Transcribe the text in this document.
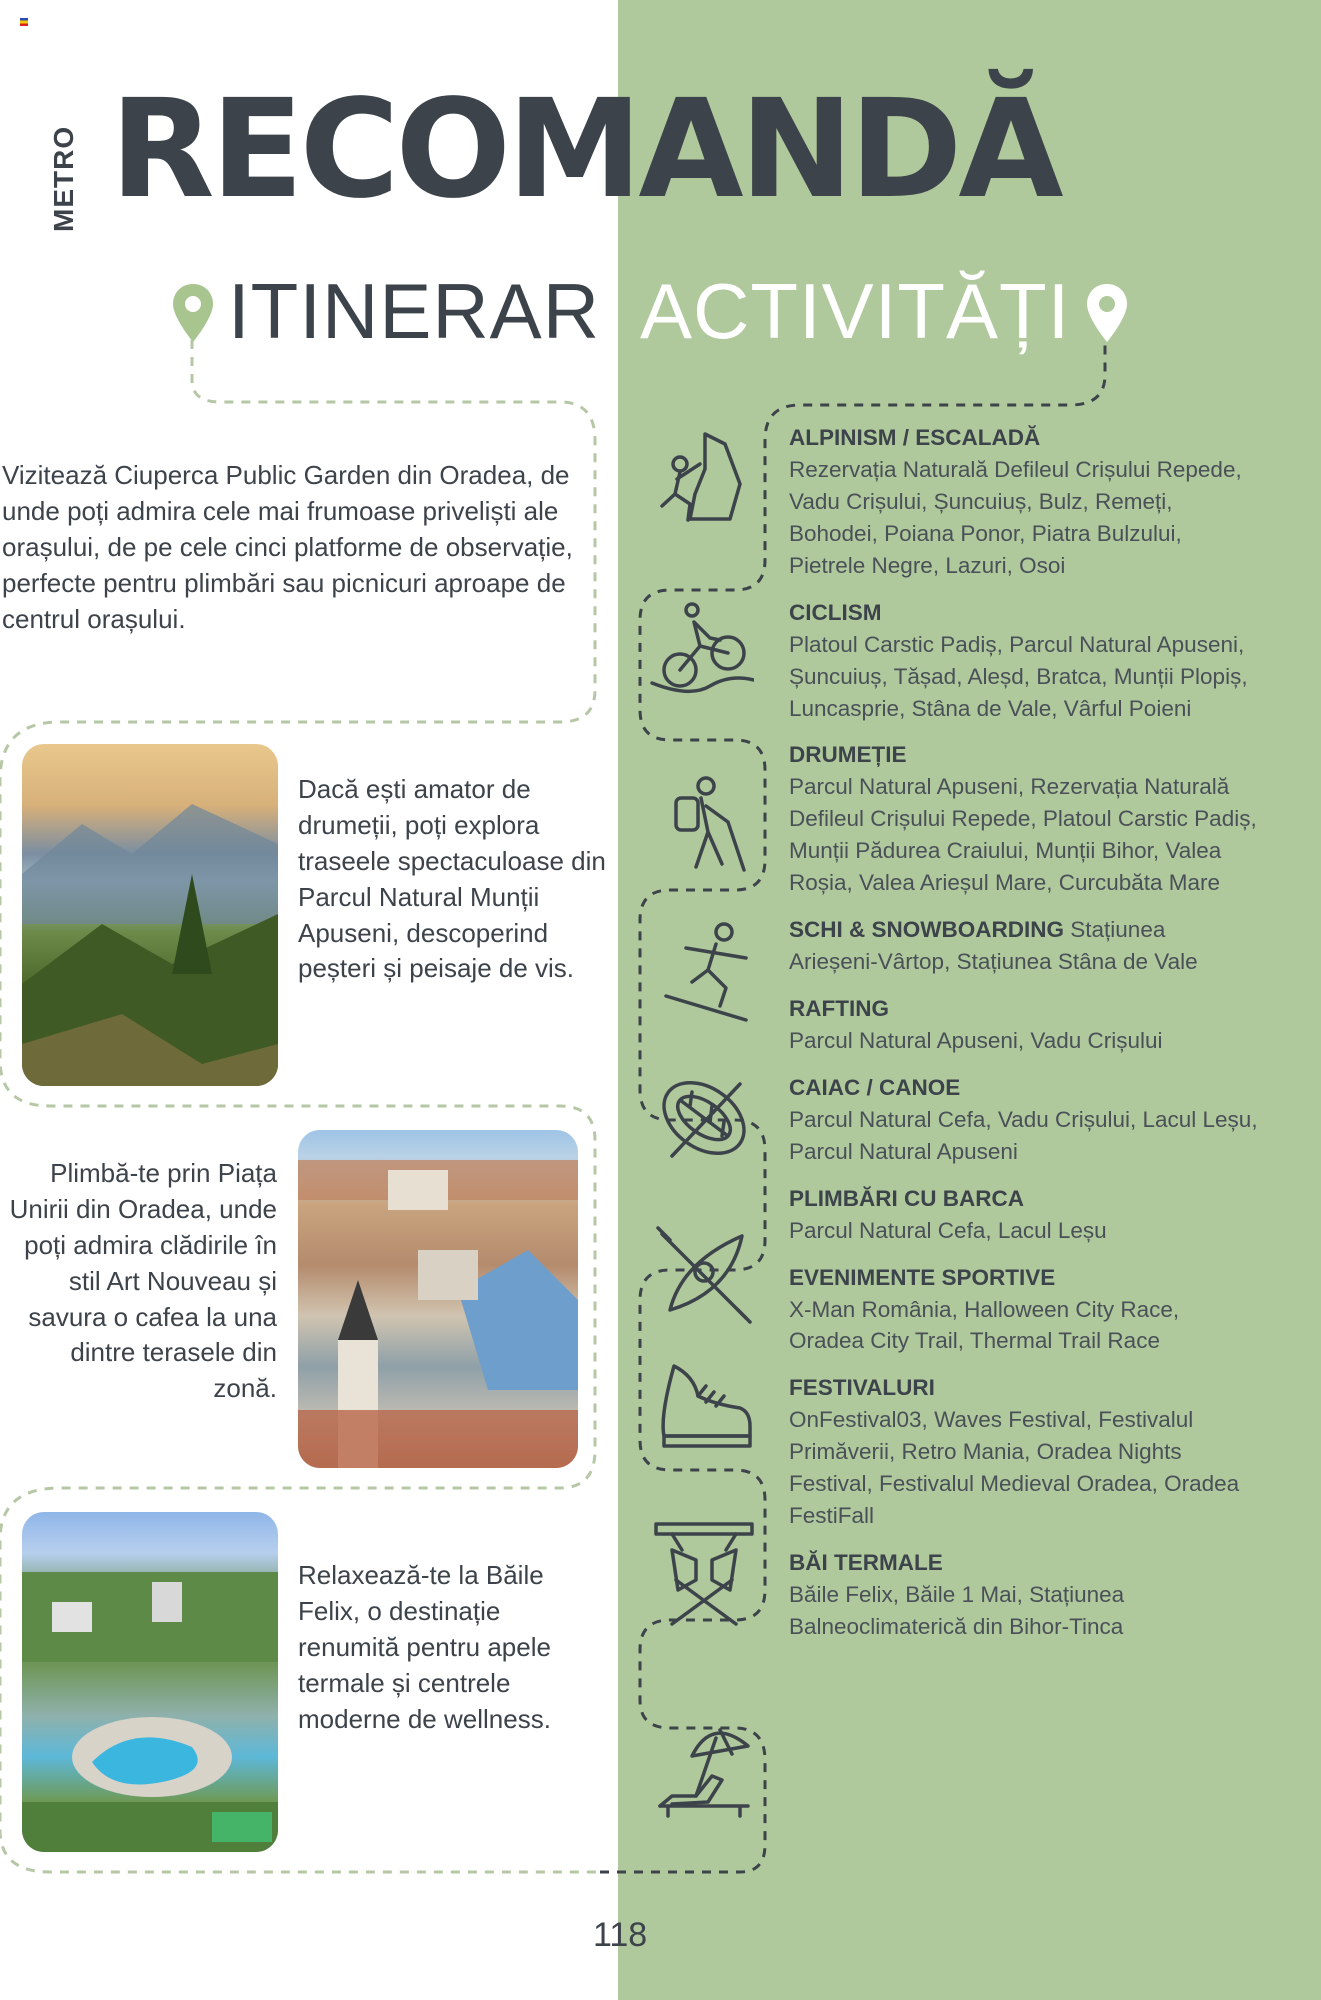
METRO RECOMANDĂ
ITINERAR ACTIVITĂȚI
Vizitează Ciuperca Public Garden din Oradea, de unde poți admira cele mai frumoase priveliști ale orașului, de pe cele cinci platforme de observație, perfecte pentru plimbări sau picnicuri aproape de centrul orașului.
Dacă ești amator de drumeții, poți explora traseele spectaculoase din Parcul Natural Munții Apuseni, descoperind peșteri și peisaje de vis.
Plimbă-te prin Piața Unirii din Oradea, unde poți admira clădirile în stil Art Nouveau și savura o cafea la una dintre terasele din zonă.
Relaxează-te la Băile Felix, o destinație renumită pentru apele termale și centrele moderne de wellness.
ALPINISM / ESCALADĂ
Rezervația Naturală Defileul Crișului Repede, Vadu Crișului, Șuncuiuș, Bulz, Remeți, Bohodei, Poiana Ponor, Piatra Bulzului, Pietrele Negre, Lazuri, Osoi
CICLISM
Platoul Carstic Padiș, Parcul Natural Apuseni, Șuncuiuș, Tășad, Aleșd, Bratca, Munții Plopiș, Luncasprie, Stâna de Vale, Vârful Poieni
DRUMEȚIE
Parcul Natural Apuseni, Rezervația Naturală Defileul Crișului Repede, Platoul Carstic Padiș, Munții Pădurea Craiului, Munții Bihor, Valea Roșia, Valea Arieșul Mare, Curcubăta Mare
SCHI & SNOWBOARDING Stațiunea Arieșeni-Vârtop, Stațiunea Stâna de Vale
RAFTING
Parcul Natural Apuseni, Vadu Crișului
CAIAC / CANOE
Parcul Natural Cefa, Vadu Crișului, Lacul Leșu, Parcul Natural Apuseni
PLIMBĂRI CU BARCA
Parcul Natural Cefa, Lacul Leșu
EVENIMENTE SPORTIVE
X-Man România, Halloween City Race, Oradea City Trail, Thermal Trail Race
FESTIVALURI
OnFestival03, Waves Festival, Festivalul Primăverii, Retro Mania, Oradea Nights Festival, Festivalul Medieval Oradea, Oradea FestiFall
BĂI TERMALE
Băile Felix, Băile 1 Mai, Stațiunea Balneoclimaterică din Bihor-Tinca
118
